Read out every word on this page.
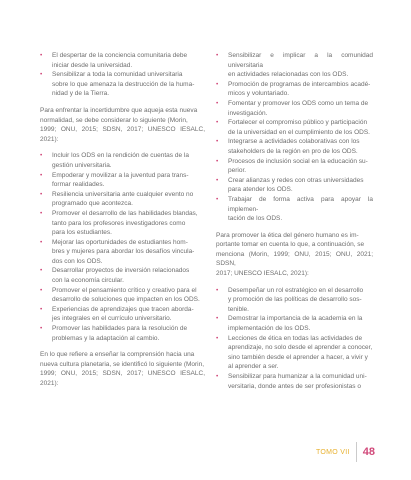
•	El despertar de la conciencia comunitaria debe
iniciar desde la universidad.
•	Sensibilizar a toda la comunidad universitaria
sobre lo que amenaza la destrucción de la huma-
nidad y de la Tierra.
Para enfrentar la incertidumbre que aqueja esta nueva
normalidad, se debe considerar lo siguiente (Morin,
1999; ONU, 2015; SDSN, 2017; UNESCO IESALC, 2021):
•	Incluir los ODS en la rendición de cuentas de la
gestión universitaria.
•	Empoderar y movilizar a la juventud para trans-
formar realidades.
•	Resiliencia universitaria ante cualquier evento no
programado que acontezca.
•	Promover el desarrollo de las habilidades blandas,
tanto para los profesores investigadores como
para los estudiantes.
•	Mejorar las oportunidades de estudiantes hom-
bres y mujeres para abordar los desafíos vincula-
dos con los ODS.
•	Desarrollar proyectos de inversión relacionados
con la economía circular.
•	Promover el pensamiento crítico y creativo para el
desarrollo de soluciones que impacten en los ODS.
•	Experiencias de aprendizajes que tracen aborda-
jes integrales en el currículo universitario.
•	Promover las habilidades para la resolución de
problemas y la adaptación al cambio.
En lo que refiere a enseñar la comprensión hacia una
nueva cultura planetaria, se identificó lo siguiente (Morin,
1999; ONU, 2015; SDSN, 2017; UNESCO IESALC, 2021):
•	Sensibilizar e implicar a la comunidad universitaria
en actividades relacionadas con los ODS.
•	Promoción de programas de intercambios acadé-
micos y voluntariado.
•	Fomentar y promover los ODS como un tema de
investigación.
•	Fortalecer el compromiso público y participación
de la universidad en el cumplimiento de los ODS.
•	Integrarse a actividades colaborativas con los
stakeholders de la región en pro de los ODS.
•	Procesos de inclusión social en la educación su-
perior.
•	Crear alianzas y redes con otras universidades
para atender los ODS.
•	Trabajar de forma activa para apoyar la implemen-
tación de los ODS.
Para promover la ética del género humano es im-
portante tomar en cuenta lo que, a continuación, se
menciona (Morin, 1999; ONU, 2015; ONU, 2021; SDSN,
2017; UNESCO IESALC, 2021):
•	Desempeñar un rol estratégico en el desarrollo
y promoción de las políticas de desarrollo sos-
tenible.
•	Demostrar la importancia de la academia en la
implementación de los ODS.
•	Lecciones de ética en todas las actividades de
aprendizaje, no solo desde el aprender a conocer,
sino también desde el aprender a hacer, a vivir y
al aprender a ser.
•	Sensibilizar para humanizar a la comunidad uni-
versitaria, donde antes de ser profesionistas o
TOMO VII 48
